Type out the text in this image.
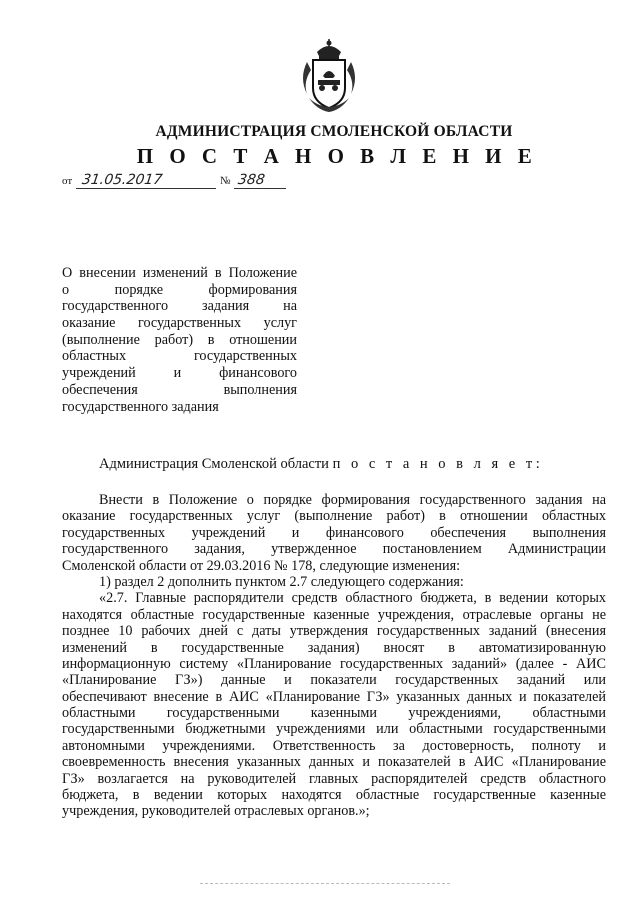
АДМИНИСТРАЦИЯ СМОЛЕНСКОЙ ОБЛАСТИ
П О С Т А Н О В Л Е Н И Е
от 31.05.2017	№ 388
О внесении изменений в Положение
о порядке формирования
государственного задания на
оказание государственных услуг
(выполнение работ) в отношении
областных государственных
учреждений и финансового
обеспечения выполнения
государственного задания
Администрация Смоленской области п о с т а н о в л я е т:
Внести в Положение о порядке формирования государственного задания на
оказание государственных услуг (выполнение работ) в отношении областных
государственных учреждений и финансового обеспечения выполнения
государственного задания, утвержденное постановлением Администрации
Смоленской области от 29.03.2016 № 178, следующие изменения:
1) раздел 2 дополнить пунктом 2.7 следующего содержания:
«2.7. Главные распорядители средств областного бюджета, в ведении которых
находятся областные государственные казенные учреждения, отраслевые органы не
позднее 10 рабочих дней с даты утверждения государственных заданий (внесения
изменений в государственные задания) вносят в автоматизированную
информационную систему «Планирование государственных заданий» (далее - АИС
«Планирование ГЗ») данные и показатели государственных заданий или
обеспечивают внесение в АИС «Планирование ГЗ» указанных данных и показателей
областными государственными казенными учреждениями, областными
государственными бюджетными учреждениями или областными государственными
автономными учреждениями. Ответственность за достоверность, полноту и
своевременность внесения указанных данных и показателей в АИС «Планирование
ГЗ» возлагается на руководителей главных распорядителей средств областного
бюджета, в ведении которых находятся областные государственные казенные
учреждения, руководителей отраслевых органов.»;
